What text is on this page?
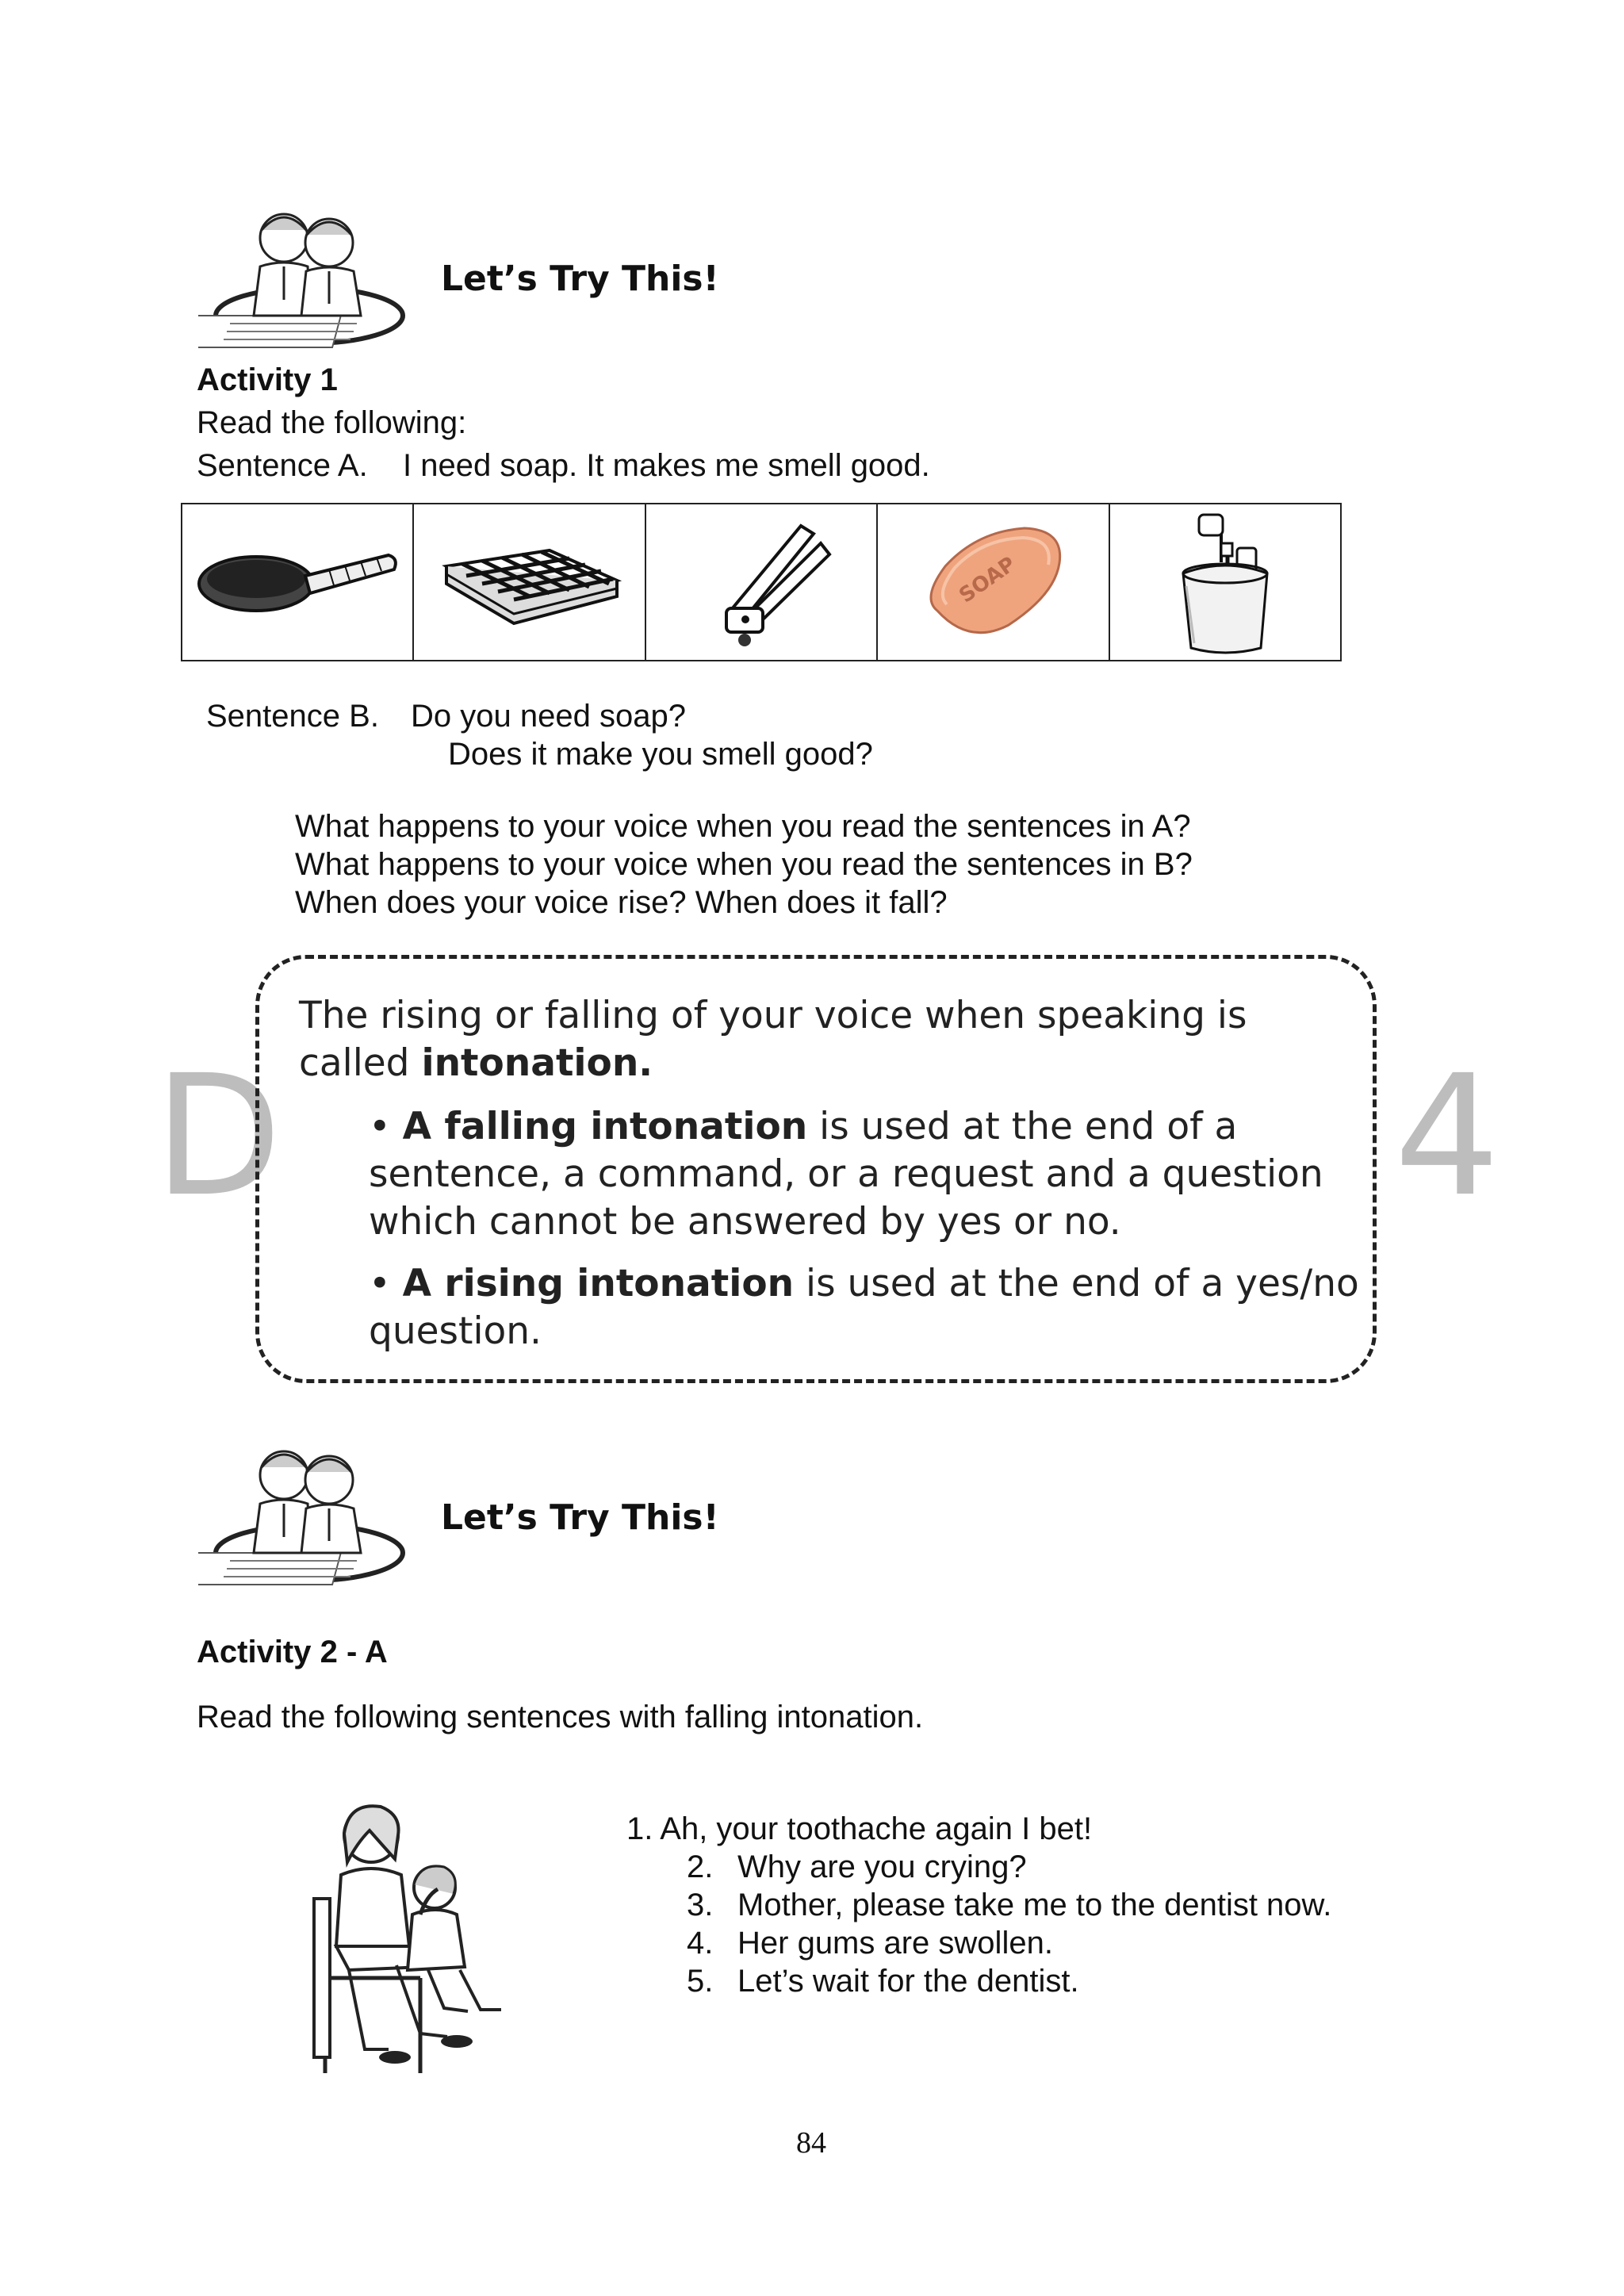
Let’s Try This!
Activity 1
Read the following:
Sentence A. I need soap. It makes me smell good.
SOAP
Sentence B. Do you need soap?
Does it make you smell good?
What happens to your voice when you read the sentences in A?
What happens to your voice when you read the sentences in B?
When does your voice rise? When does it fall?
D	4
The rising or falling of your voice when speaking is
called intonation.
• A falling intonation is used at the end of a
sentence, a command, or a request and a question
which cannot be answered by yes or no.
• A rising intonation is used at the end of a yes/no
question.
Let’s Try This!
Activity 2 - A
Read the following sentences with falling intonation.
1. Ah, your toothache again I bet!
2. Why are you crying?
3. Mother, please take me to the dentist now.
4. Her gums are swollen.
5. Let’s wait for the dentist.
84
